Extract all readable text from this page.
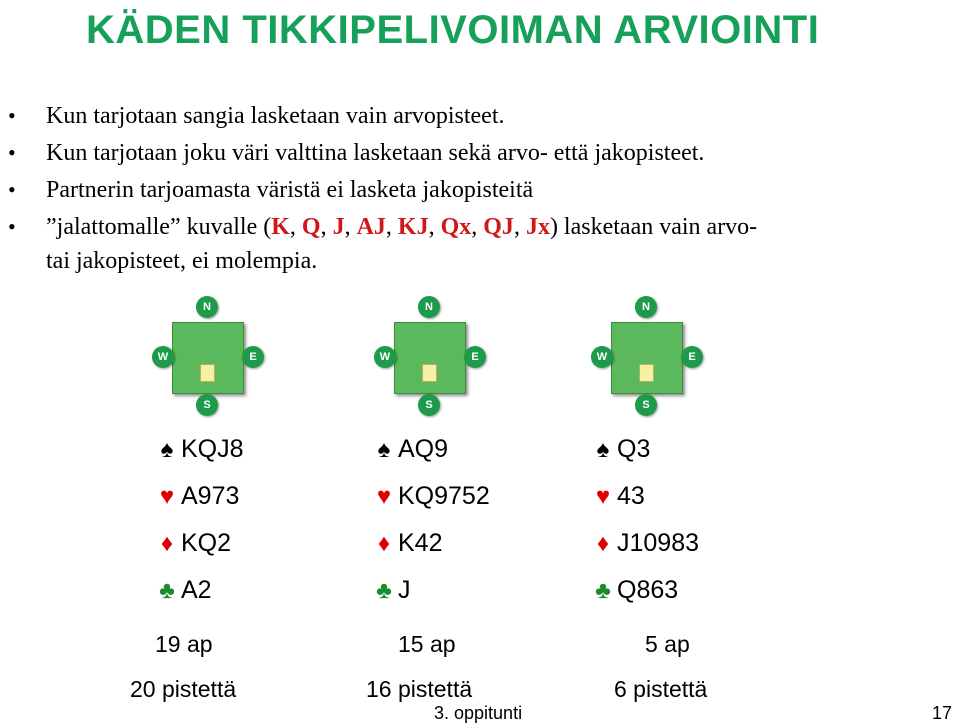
KÄDEN TIKKIPELIVOIMAN ARVIOINTI
• Kun tarjotaan sangia lasketaan vain arvopisteet.
• Kun tarjotaan joku väri valttina lasketaan sekä arvo- että jakopisteet.
• Partnerin tarjoamasta väristä ei lasketa jakopisteitä
• ”jalattomalle” kuvalle (K, Q, J, AJ, KJ, Qx, QJ, Jx) lasketaan vain arvo-
tai jakopisteet, ei molempia.
N
S
W	E
N
S
W	E
N
S
W	E
♠ KQJ8
♥ A973
♦ KQ2
♣ A2
♠ AQ9
♥ KQ9752
♦ K42
♣ J
♠ Q3
♥ 43
♦ J10983
♣ Q863
19 ap
20 pistettä
15 ap
16 pistettä
5 ap
6 pistettä
3. oppitunti	17
